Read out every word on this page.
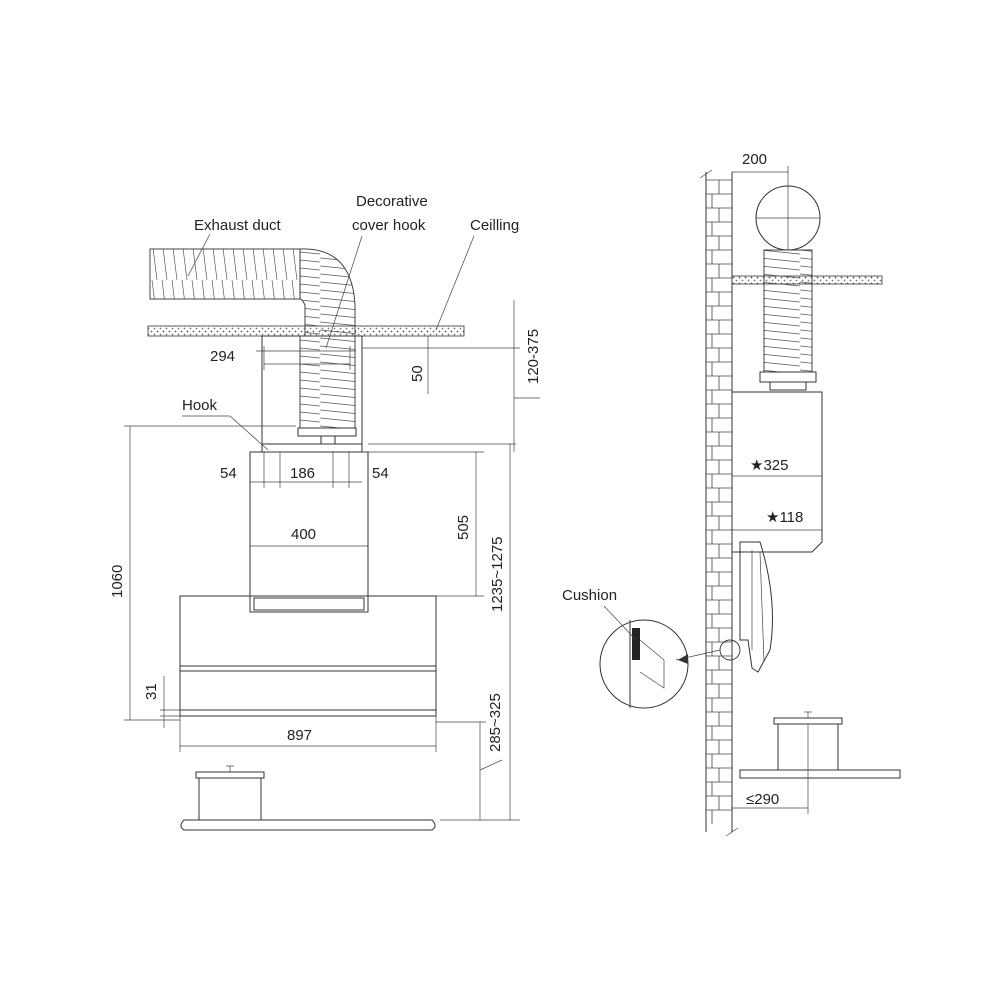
Exhaust duct
Decorative
cover hook	Ceilling
Hook
294
50	120-375
54	186	54
400	505
1235~1275
1060
31
897	285~325
Cushion
200
★325
★118
≤290
